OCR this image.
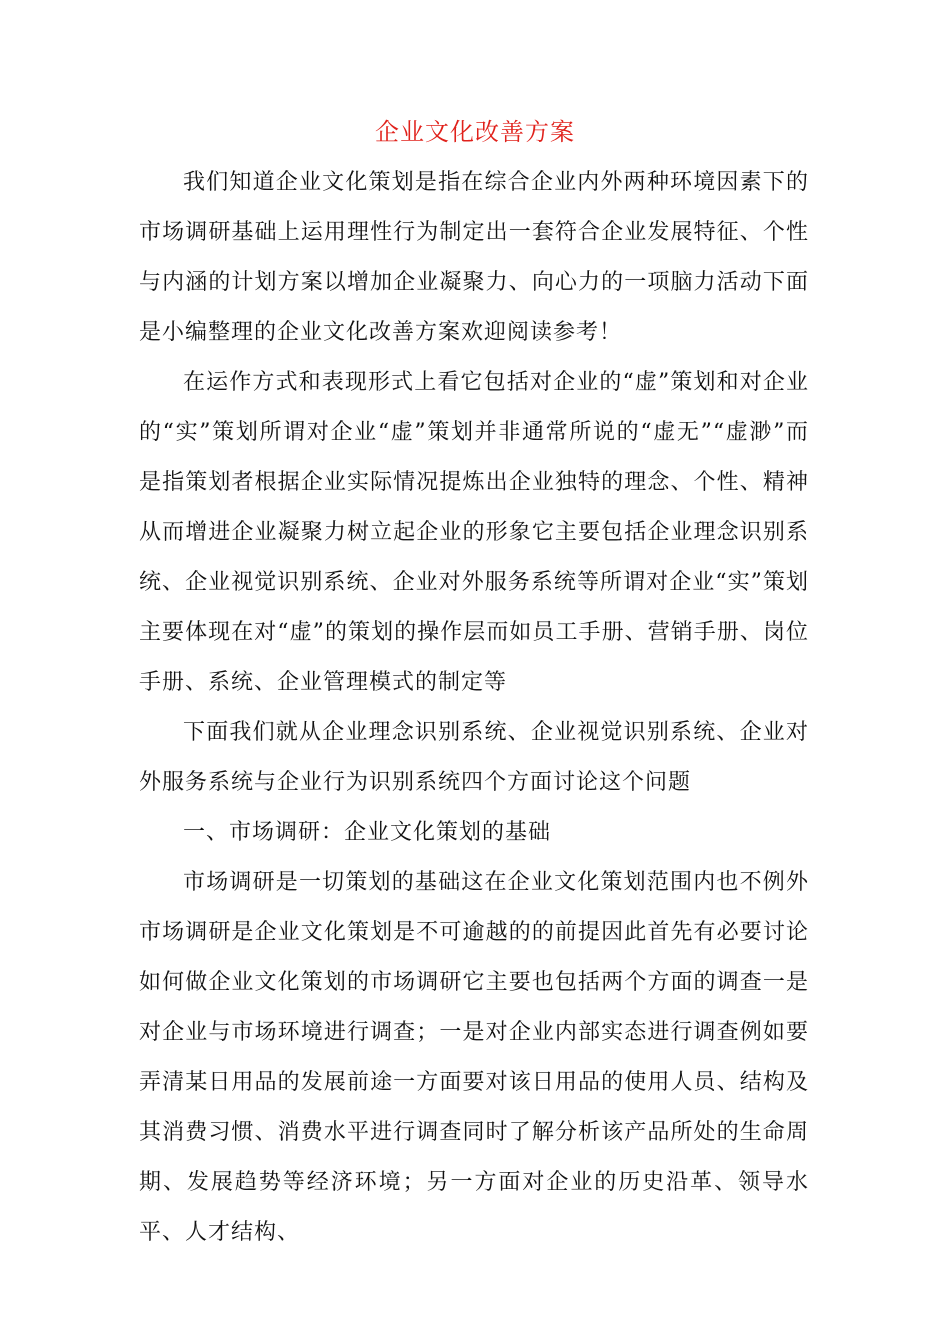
企业文化改善方案

我们知道企业文化策划是指在综合企业内外两种环境因素下的市场调研基础上运用理性行为制定出一套符合企业发展特征、个性与内涵的计划方案以增加企业凝聚力、向心力的一项脑力活动下面是小编整理的企业文化改善方案欢迎阅读参考！

在运作方式和表现形式上看它包括对企业的“虚”策划和对企业的“实”策划所谓对企业“虚”策划并非通常所说的“虚无”“虚渺”而是指策划者根据企业实际情况提炼出企业独特的理念、个性、精神从而增进企业凝聚力树立起企业的形象它主要包括企业理念识别系统、企业视觉识别系统、企业对外服务系统等所谓对企业“实”策划主要体现在对“虚”的策划的操作层而如员工手册、营销手册、岗位手册、系统、企业管理模式的制定等

下面我们就从企业理念识别系统、企业视觉识别系统、企业对外服务系统与企业行为识别系统四个方面讨论这个问题

一、市场调研：企业文化策划的基础

市场调研是一切策划的基础这在企业文化策划范围内也不例外市场调研是企业文化策划是不可逾越的的前提因此首先有必要讨论如何做企业文化策划的市场调研它主要也包括两个方面的调查一是对企业与市场环境进行调查；一是对企业内部实态进行调查例如要弄清某日用品的发展前途一方面要对该日用品的使用人员、结构及其消费习惯、消费水平进行调查同时了解分析该产品所处的生命周期、发展趋势等经济环境；另一方面对企业的历史沿革、领导水平、人才结构、
